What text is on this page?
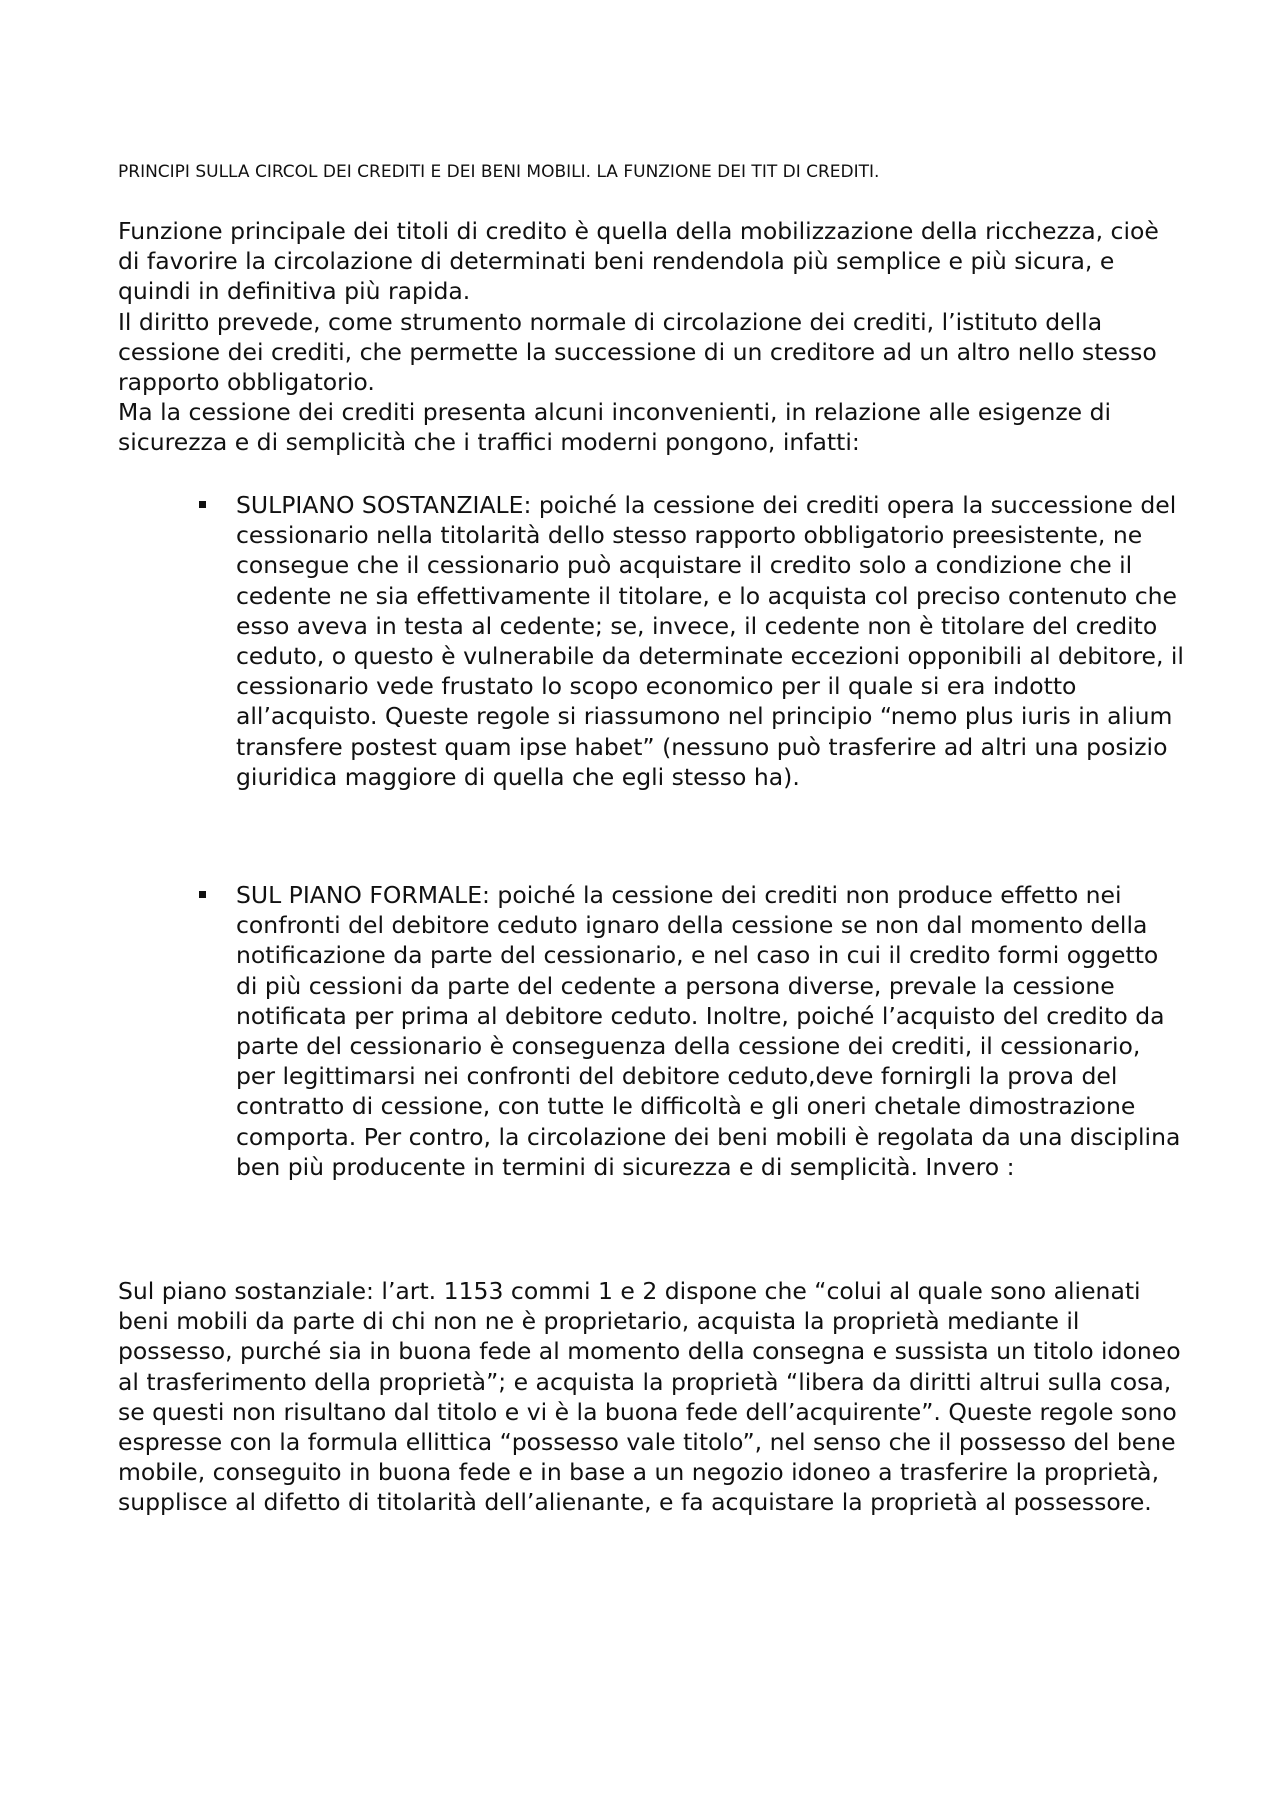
PRINCIPI SULLA CIRCOL DEI CREDITI E DEI BENI MOBILI. LA FUNZIONE DEI TIT DI CREDITI.

Funzione principale dei titoli di credito è quella della mobilizzazione della ricchezza, cioè di favorire la circolazione di determinati beni rendendola più semplice e più sicura, e quindi in definitiva più rapida.

Il diritto prevede, come strumento normale di circolazione dei crediti, l’istituto della cessione dei crediti, che permette la successione di un creditore ad un altro nello stesso rapporto obbligatorio.

Ma la cessione dei crediti presenta alcuni inconvenienti, in relazione alle esigenze di sicurezza e di semplicità che i traffici moderni pongono, infatti:

SULPIANO SOSTANZIALE: poiché la cessione dei crediti opera la successione del cessionario nella titolarità dello stesso rapporto obbligatorio preesistente, ne consegue che il cessionario può acquistare il credito solo a condizione che il cedente ne sia effettivamente il titolare, e lo acquista col preciso contenuto che esso aveva in testa al cedente; se, invece, il cedente non è titolare del credito ceduto, o questo è vulnerabile da determinate eccezioni opponibili al debitore, il cessionario vede frustato lo scopo economico per il quale si era indotto all’acquisto. Queste regole si riassumono nel principio “nemo plus iuris in alium transfere postest quam ipse habet” (nessuno può trasferire ad altri una posizio giuridica maggiore di quella che egli stesso ha).
SUL PIANO FORMALE: poiché la cessione dei crediti non produce effetto nei confronti del debitore ceduto ignaro della cessione se non dal momento della notificazione da parte del cessionario, e nel caso in cui il credito formi oggetto di più cessioni da parte del cedente a persona diverse, prevale la cessione notificata per prima al debitore ceduto. Inoltre, poiché l’acquisto del credito da parte del cessionario è conseguenza della cessione dei crediti, il cessionario, per legittimarsi nei confronti del debitore ceduto,deve fornirgli la prova del contratto di cessione, con tutte le difficoltà e gli oneri chetale dimostrazione comporta. Per contro, la circolazione dei beni mobili è regolata da una disciplina ben più producente in termini di sicurezza e di semplicità. Invero :

Sul piano sostanziale: l’art. 1153 commi 1 e 2 dispone che “colui al quale sono alienati beni mobili da parte di chi non ne è proprietario, acquista la proprietà mediante il possesso, purché sia in buona fede al momento della consegna e sussista un titolo idoneo al trasferimento della proprietà”; e acquista la proprietà “libera da diritti altrui sulla cosa, se questi non risultano dal titolo e vi è la buona fede dell’acquirente”. Queste regole sono espresse con la formula ellittica “possesso vale titolo”, nel senso che il possesso del bene mobile, conseguito in buona fede e in base a un negozio idoneo a trasferire la proprietà, supplisce al difetto di titolarità dell’alienante, e fa acquistare la proprietà al possessore.
